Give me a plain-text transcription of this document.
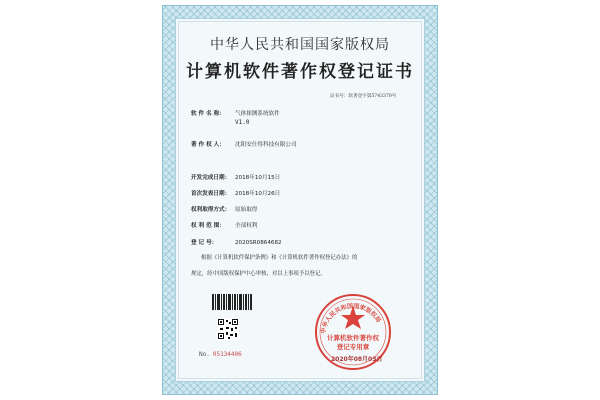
中华人民共和国国家版权局
计算机软件著作权登记证书
证书号：软著登字第5743370号
软 件 名 称： 气体探测系统软件
V1.0
著 作 权 人： 沈阳安仕得科技有限公司
开发完成日期： 2018年10月15日
首次发表日期： 2018年10月26日
权利取得方式： 原始取得
权 利 范 围： 全部权利
登 记 号：	2020SR0864682
根据《计算机软件保护条例》和《计算机软件著作权登记办法》的
规定，经中国版权保护中心审核，对以上事项予以登记。
No. 05134406
中华人民共和国国家版权局
计算机软件著作权
登记专用章
2020年08月03日
